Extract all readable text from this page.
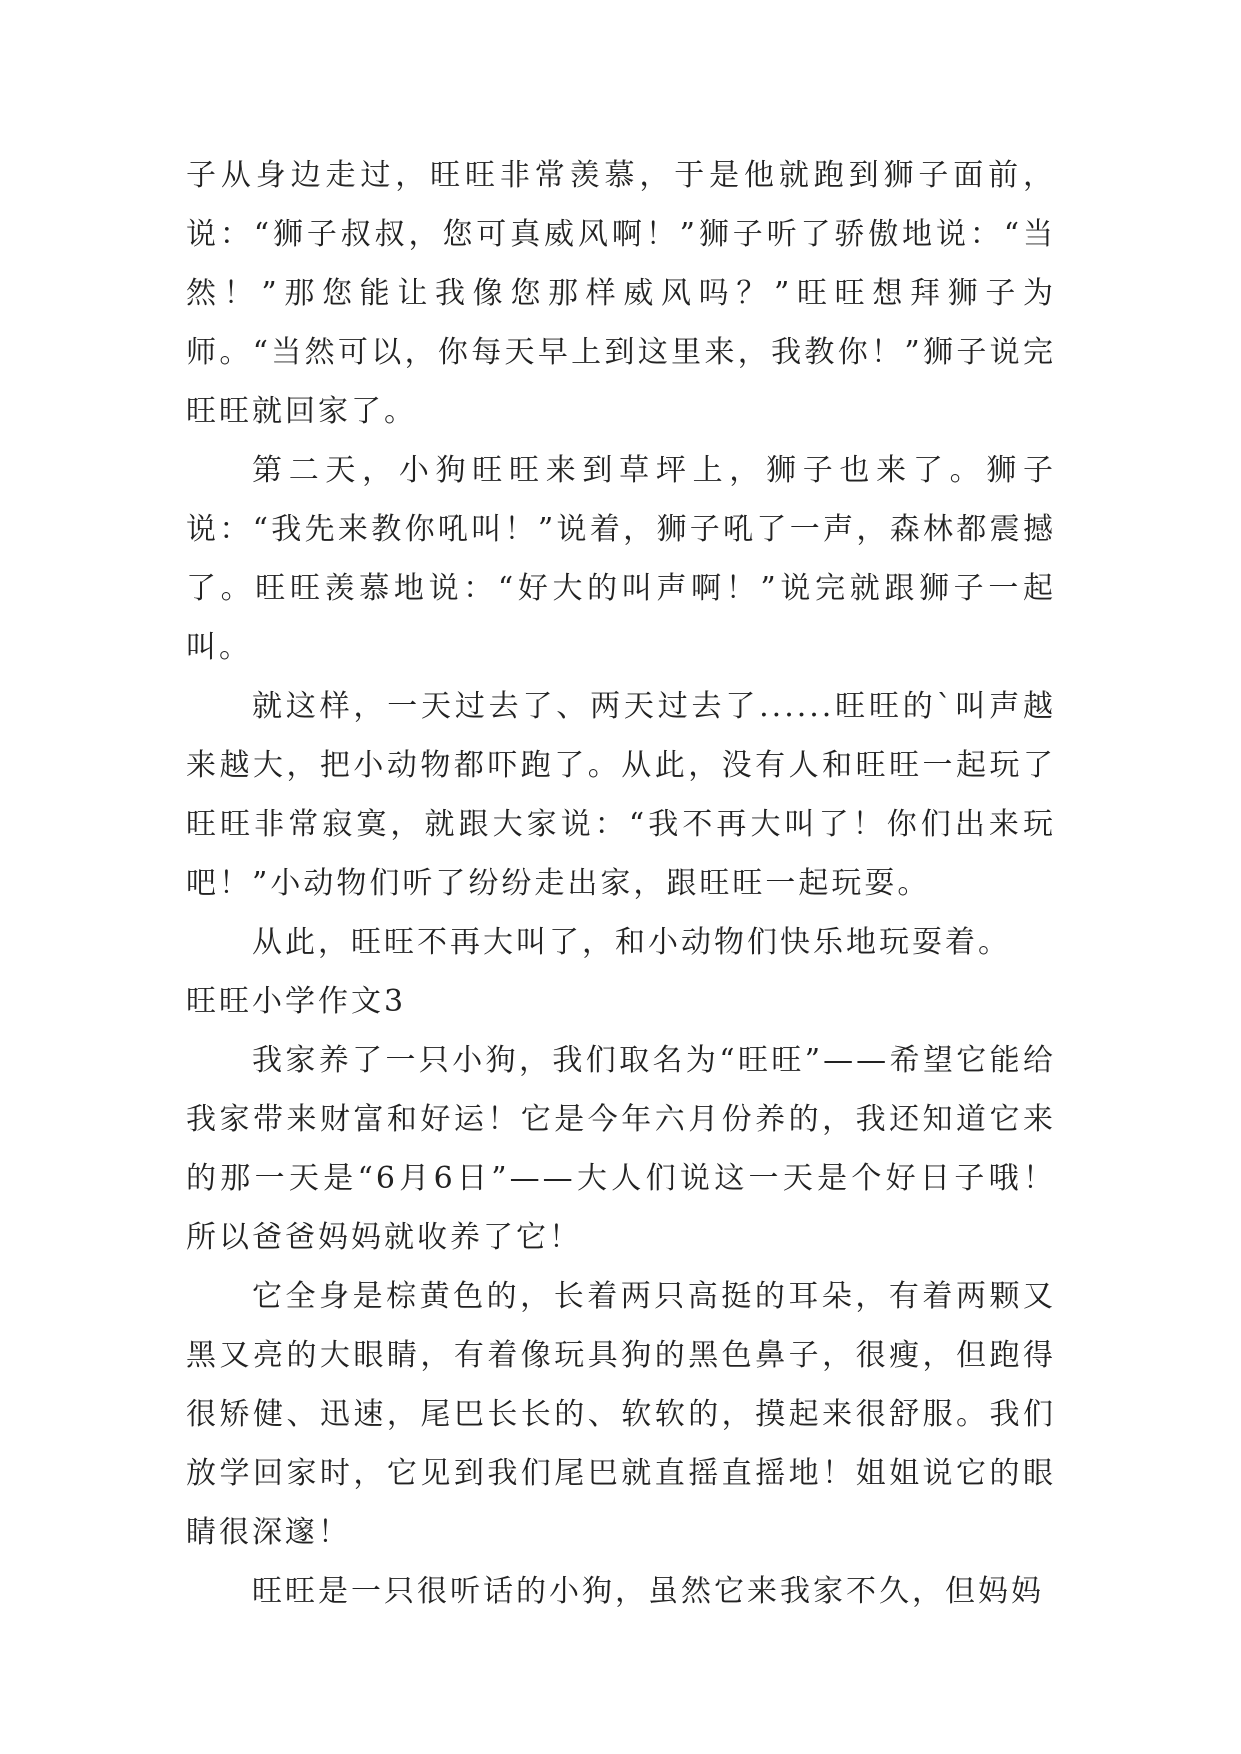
子从身边走过，旺旺非常羡慕，于是他就跑到狮子面前，说：“狮子叔叔，您可真威风啊！”狮子听了骄傲地说：“当然！”那您能让我像您那样威风吗？”旺旺想拜狮子为师。“当然可以，你每天早上到这里来，我教你！”狮子说完旺旺就回家了。

第二天，小狗旺旺来到草坪上，狮子也来了。狮子说：“我先来教你吼叫！”说着，狮子吼了一声，森林都震撼了。旺旺羡慕地说：“好大的叫声啊！”说完就跟狮子一起叫。

就这样，一天过去了、两天过去了......旺旺的`叫声越来越大，把小动物都吓跑了。从此，没有人和旺旺一起玩了旺旺非常寂寞，就跟大家说：“我不再大叫了！你们出来玩吧！”小动物们听了纷纷走出家，跟旺旺一起玩耍。

从此，旺旺不再大叫了，和小动物们快乐地玩耍着。

旺旺小学作文3

我家养了一只小狗，我们取名为“旺旺”——希望它能给我家带来财富和好运！它是今年六月份养的，我还知道它来的那一天是“6月6日”——大人们说这一天是个好日子哦！所以爸爸妈妈就收养了它！

它全身是棕黄色的，长着两只高挺的耳朵，有着两颗又黑又亮的大眼睛，有着像玩具狗的黑色鼻子，很瘦，但跑得很矫健、迅速，尾巴长长的、软软的，摸起来很舒服。我们放学回家时，它见到我们尾巴就直摇直摇地！姐姐说它的眼睛很深邃！

旺旺是一只很听话的小狗，虽然它来我家不久，但妈妈
